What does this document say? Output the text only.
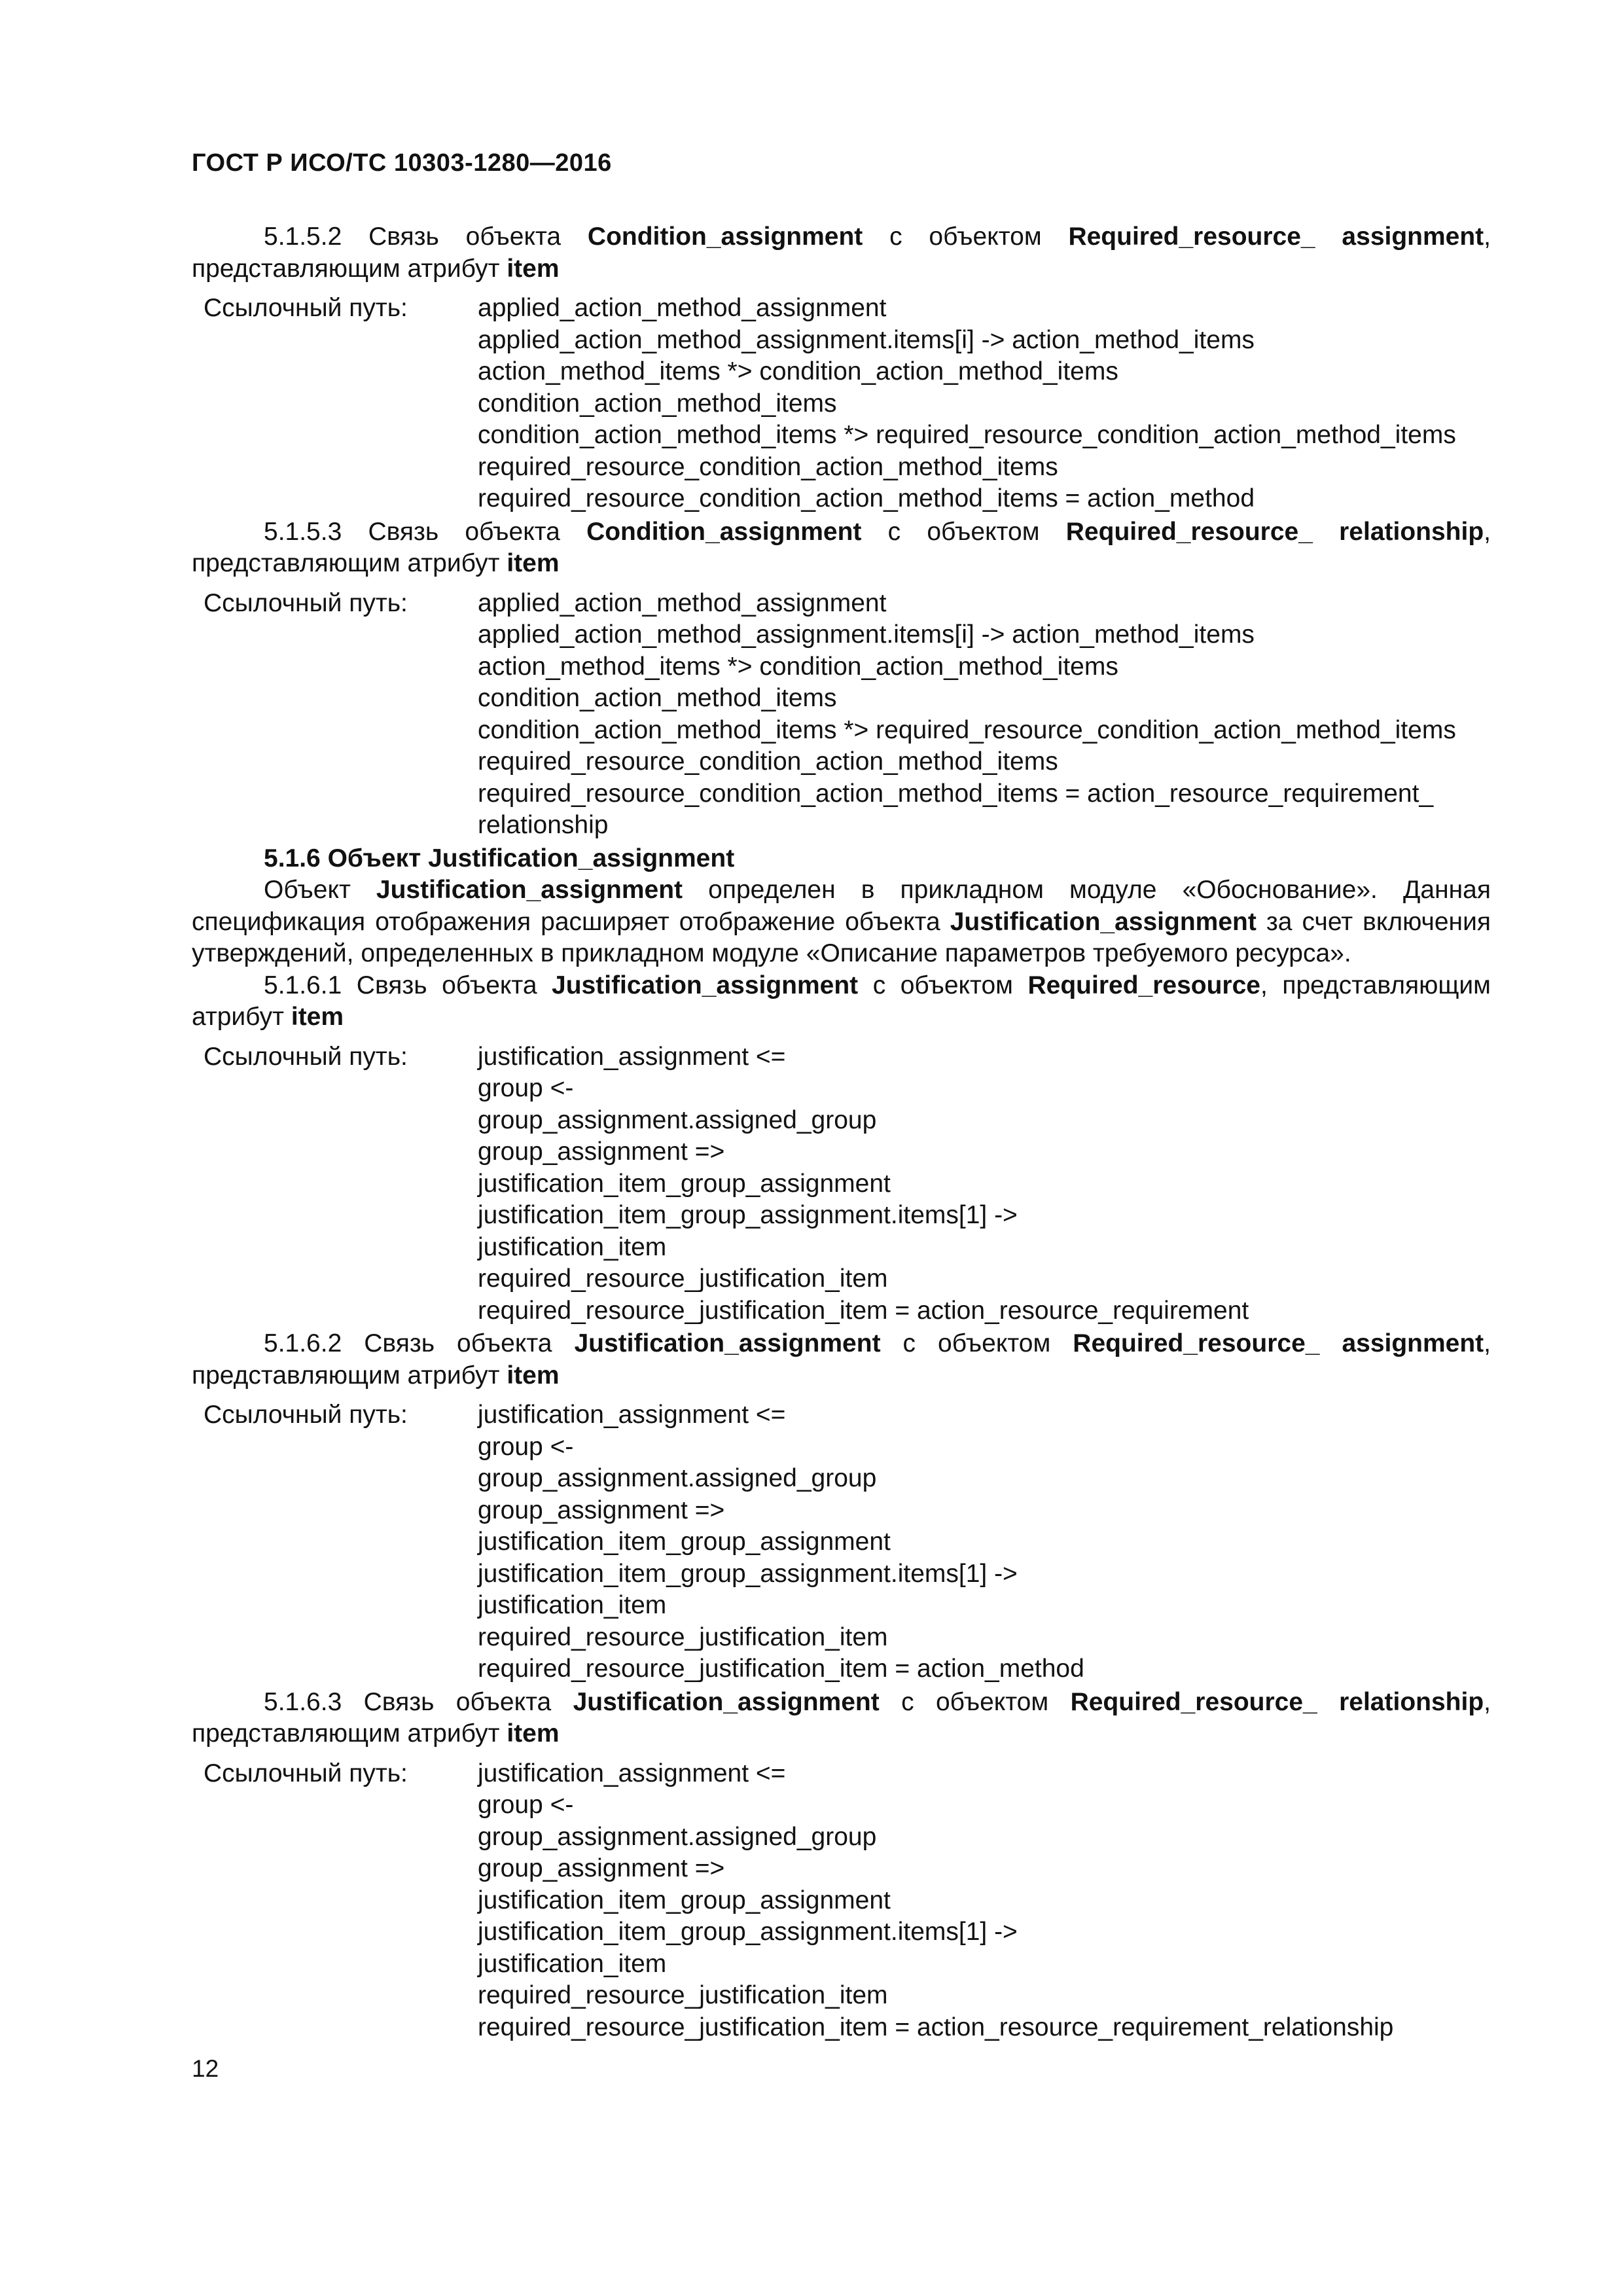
ГОСТ Р ИСО/ТС 10303-1280—2016

5.1.5.2 Связь объекта Condition_assignment с объектом Required_resource_ assignment,

представляющим атрибут item

Ссылочный путь:	applied_action_method_assignment
applied_action_method_assignment.items[i] -> action_method_items
action_method_items *> condition_action_method_items
condition_action_method_items
condition_action_method_items *> required_resource_condition_action_method_items
required_resource_condition_action_method_items
required_resource_condition_action_method_items = action_method

5.1.5.3 Связь объекта Condition_assignment с объектом Required_resource_ relationship,

представляющим атрибут item

Ссылочный путь:	applied_action_method_assignment
applied_action_method_assignment.items[i] -> action_method_items
action_method_items *> condition_action_method_items
condition_action_method_items
condition_action_method_items *> required_resource_condition_action_method_items
required_resource_condition_action_method_items
required_resource_condition_action_method_items = action_resource_requirement_
relationship

5.1.6 Объект Justification_assignment

Объект Justification_assignment определен в прикладном модуле «Обоснование». Данная спецификация отображения расширяет отображение объекта Justification_assignment за счет включения утверждений, определенных в прикладном модуле «Описание параметров требуемого ресурса».

5.1.6.1 Связь объекта Justification_assignment с объектом Required_resource, представляющим атрибут item

Ссылочный путь:	justification_assignment <=
group <-
group_assignment.assigned_group
group_assignment =>
justification_item_group_assignment
justification_item_group_assignment.items[1] ->
justification_item
required_resource_justification_item
required_resource_justification_item = action_resource_requirement

5.1.6.2 Связь объекта Justification_assignment с объектом Required_resource_ assignment,

представляющим атрибут item

Ссылочный путь:	justification_assignment <=
group <-
group_assignment.assigned_group
group_assignment =>
justification_item_group_assignment
justification_item_group_assignment.items[1] ->
justification_item
required_resource_justification_item
required_resource_justification_item = action_method

5.1.6.3 Связь объекта Justification_assignment с объектом Required_resource_ relationship,

представляющим атрибут item

Ссылочный путь:	justification_assignment <=
group <-
group_assignment.assigned_group
group_assignment =>
justification_item_group_assignment
justification_item_group_assignment.items[1] ->
justification_item
required_resource_justification_item
required_resource_justification_item = action_resource_requirement_relationship
12
